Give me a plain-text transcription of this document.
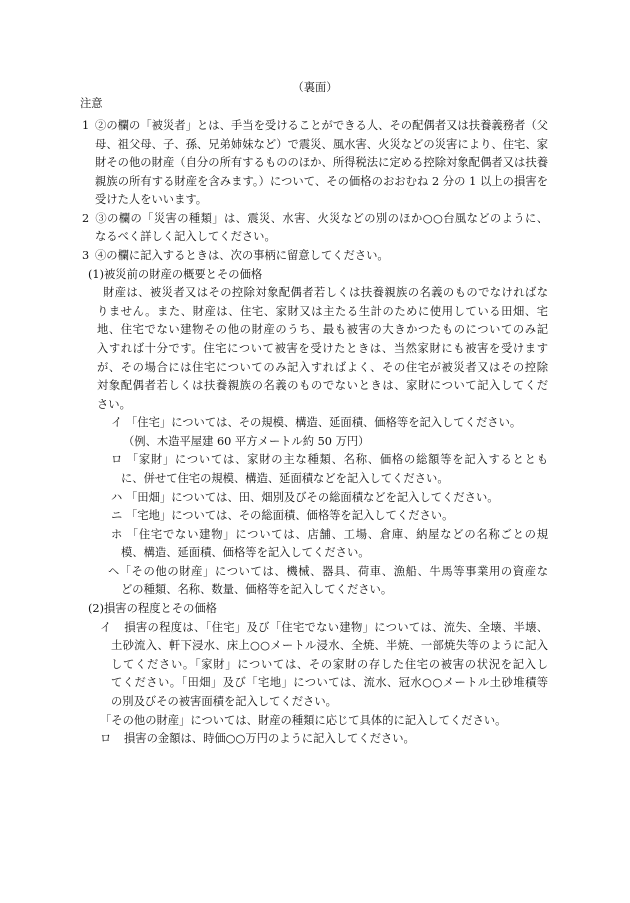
（裏面）
注意
1 ②の欄の「被災者」とは、手当を受けることができる人、その配偶者又は扶養義務者（父
母、祖父母、子、孫、兄弟姉妹など）で震災、風水害、火災などの災害により、住宅、家
財その他の財産（自分の所有するもののほか、所得税法に定める控除対象配偶者又は扶養
親族の所有する財産を含みます。）について、その価格のおおむね 2 分の 1 以上の損害を
受けた人をいいます。
2 ③の欄の「災害の種類」は、震災、水害、火災などの別のほか○○台風などのように、
なるべく詳しく記入してください。
3 ④の欄に記入するときは、次の事柄に留意してください。
(1)被災前の財産の概要とその価格
財産は、被災者又はその控除対象配偶者若しくは扶養親族の名義のものでなければな
りません。また、財産は、住宅、家財又は主たる生計のために使用している田畑、宅
地、住宅でない建物その他の財産のうち、最も被害の大きかつたものについてのみ記
入すれば十分です。住宅について被害を受けたときは、当然家財にも被害を受けます
が、その場合には住宅についてのみ記入すればよく、その住宅が被災者又はその控除
対象配偶者若しくは扶養親族の名義のものでないときは、家財について記入してくだ
さい。
イ 「住宅」については、その規模、構造、延面積、価格等を記入してください。
（例、木造平屋建 60 平方メートル約 50 万円）
ロ 「家財」については、家財の主な種類、名称、価格の総額等を記入するととも
に、併せて住宅の規模、構造、延面積などを記入してください。
ハ 「田畑」については、田、畑別及びその総面積などを記入してください。
ニ 「宅地」については、その総面積、価格等を記入してください。
ホ 「住宅でない建物」については、店舗、工場、倉庫、納屋などの名称ごとの規
模、構造、延面積、価格等を記入してください。
ヘ「その他の財産」については、機械、器具、荷車、漁船、牛馬等事業用の資産な
どの種類、名称、数量、価格等を記入してください。
(2)損害の程度とその価格
イ 損害の程度は、「住宅」及び「住宅でない建物」については、流失、全壊、半壊、
土砂流入、軒下浸水、床上○○メートル浸水、全焼、半焼、一部焼失等のように記入
してください。「家財」については、その家財の存した住宅の被害の状況を記入し
てください。「田畑」及び「宅地」については、流水、冠水○○メートル土砂堆積等
の別及びその被害面積を記入してください。
「その他の財産」については、財産の種類に応じて具体的に記入してください。
ロ 損害の金額は、時価○○万円のように記入してください。
